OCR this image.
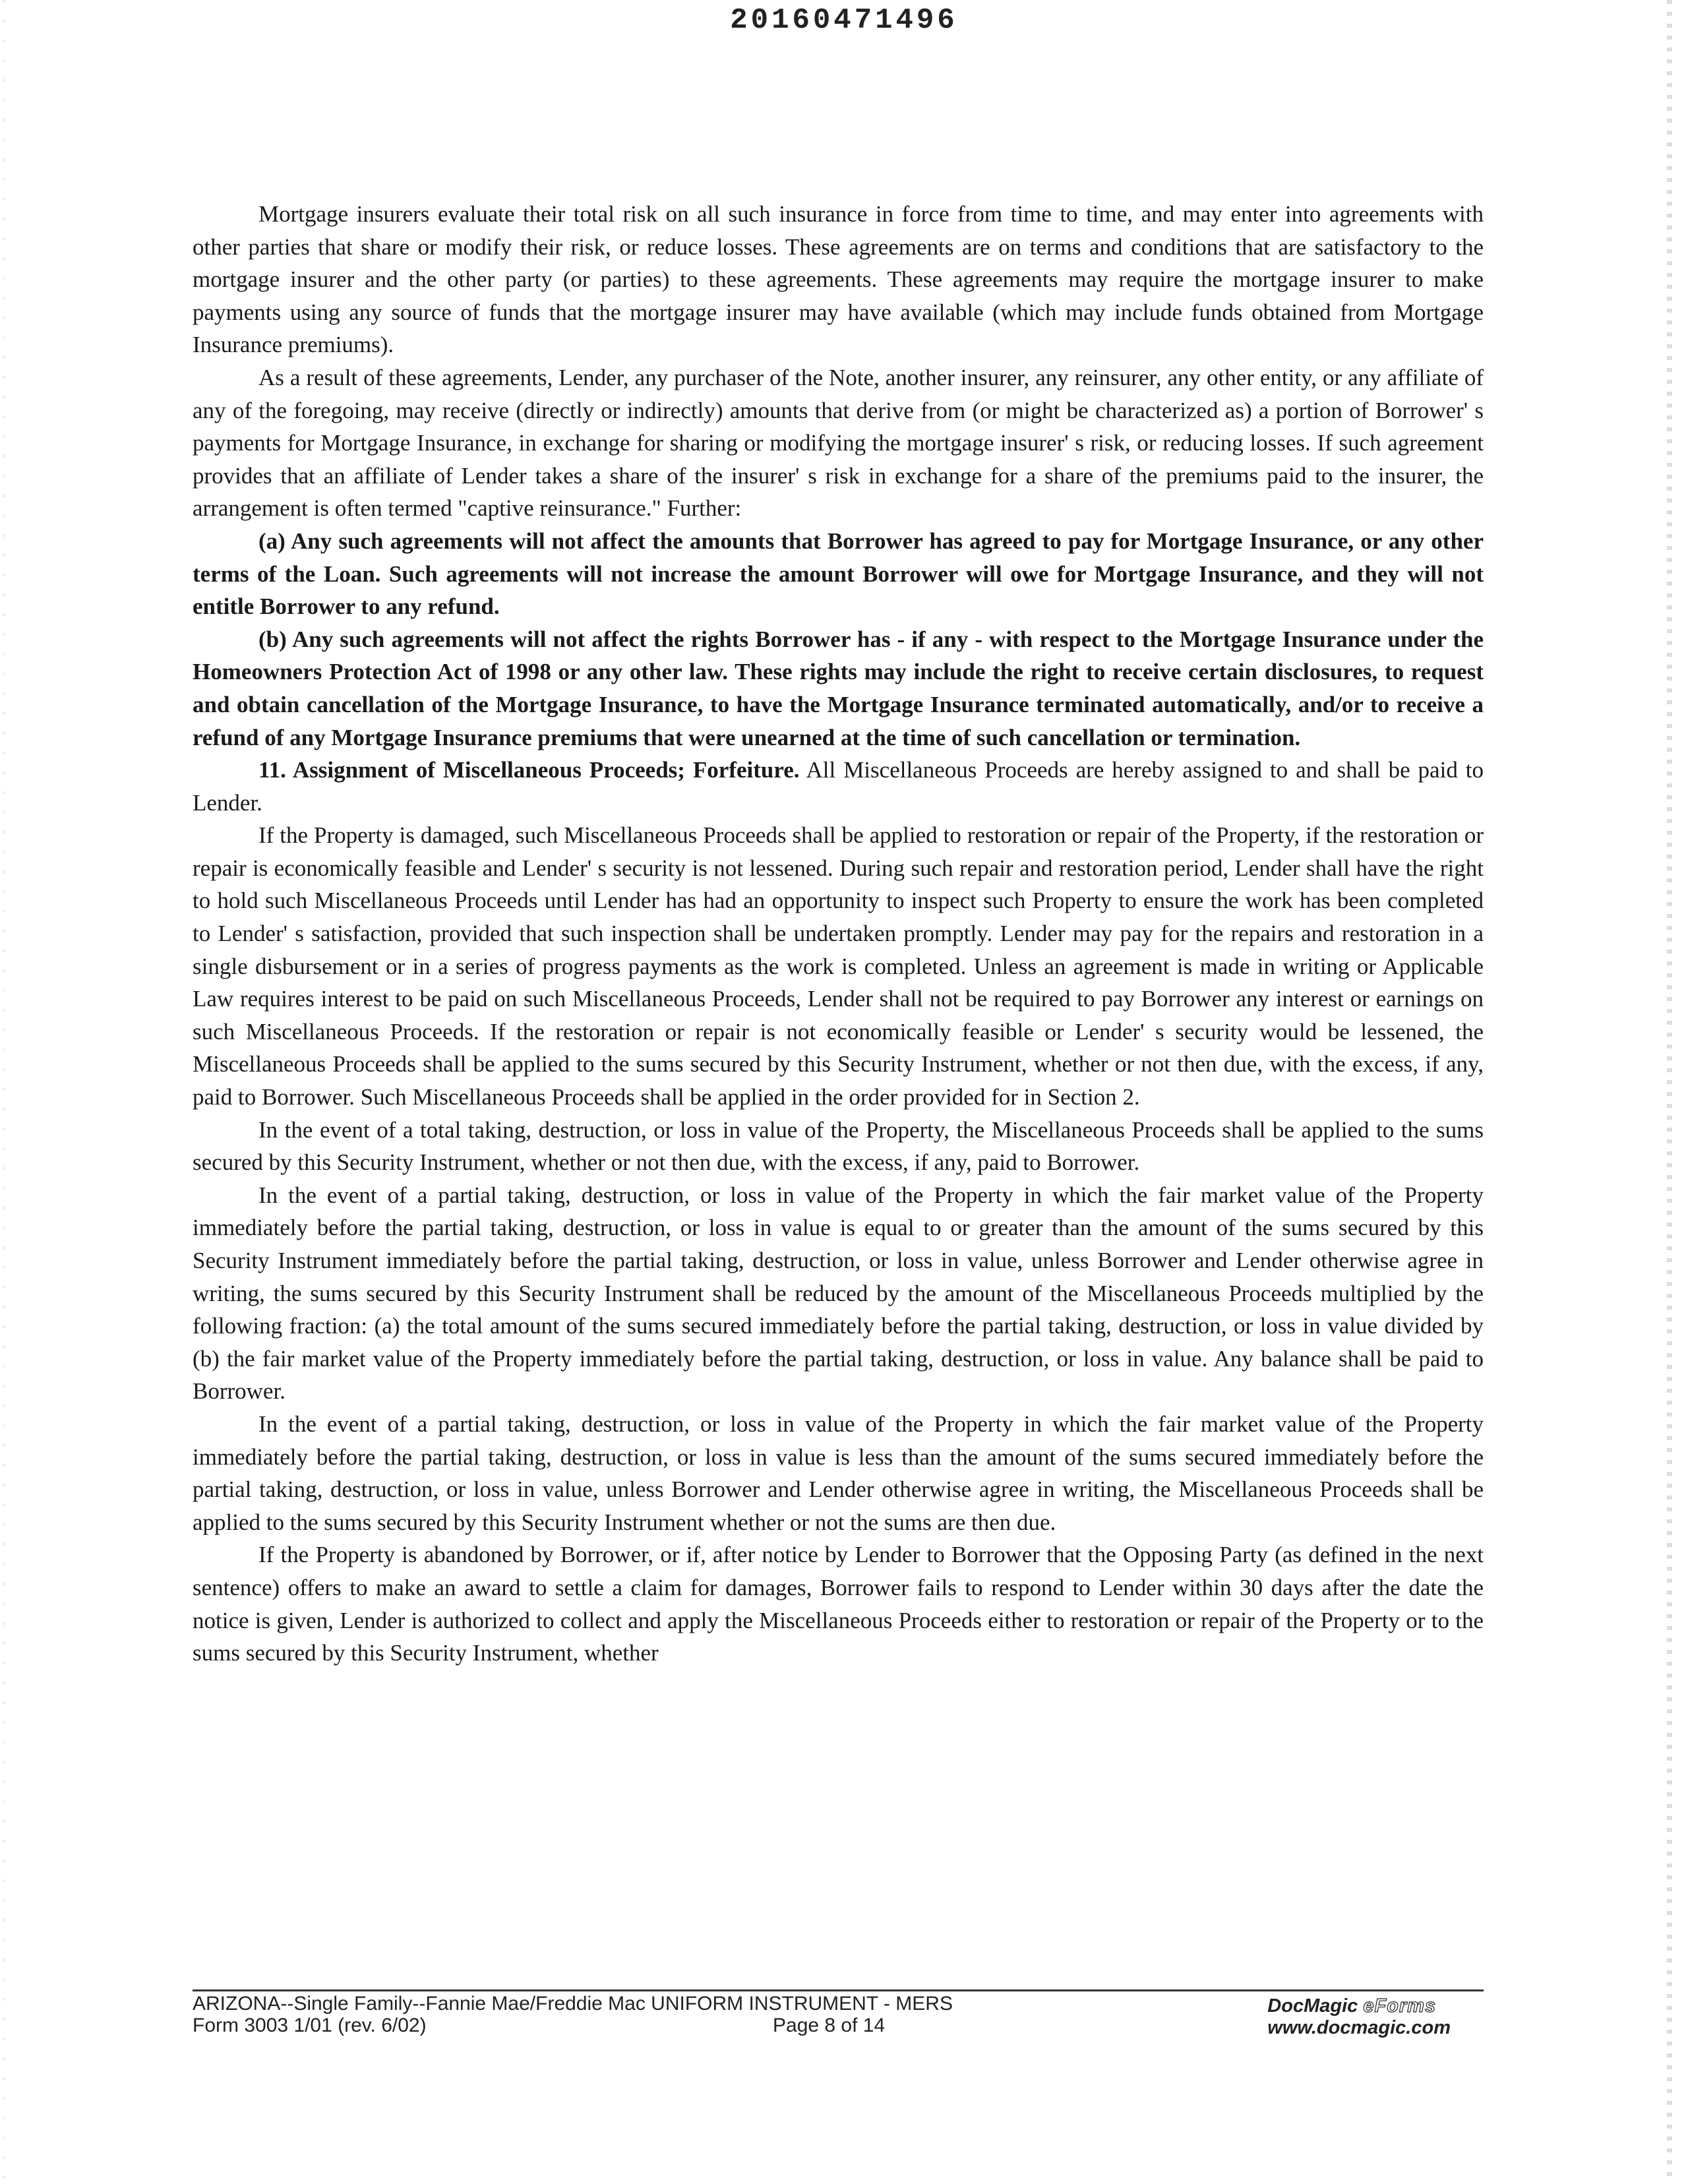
20160471496

Mortgage insurers evaluate their total risk on all such insurance in force from time to time, and may enter into agreements with other parties that share or modify their risk, or reduce losses. These agreements are on terms and conditions that are satisfactory to the mortgage insurer and the other party (or parties) to these agreements. These agreements may require the mortgage insurer to make payments using any source of funds that the mortgage insurer may have available (which may include funds obtained from Mortgage Insurance premiums).

As a result of these agreements, Lender, any purchaser of the Note, another insurer, any reinsurer, any other entity, or any affiliate of any of the foregoing, may receive (directly or indirectly) amounts that derive from (or might be characterized as) a portion of Borrower' s payments for Mortgage Insurance, in exchange for sharing or modifying the mortgage insurer' s risk, or reducing losses. If such agreement provides that an affiliate of Lender takes a share of the insurer' s risk in exchange for a share of the premiums paid to the insurer, the arrangement is often termed "captive reinsurance." Further:

(a) Any such agreements will not affect the amounts that Borrower has agreed to pay for Mortgage Insurance, or any other terms of the Loan. Such agreements will not increase the amount Borrower will owe for Mortgage Insurance, and they will not entitle Borrower to any refund.

(b) Any such agreements will not affect the rights Borrower has - if any - with respect to the Mortgage Insurance under the Homeowners Protection Act of 1998 or any other law. These rights may include the right to receive certain disclosures, to request and obtain cancellation of the Mortgage Insurance, to have the Mortgage Insurance terminated automatically, and/or to receive a refund of any Mortgage Insurance premiums that were unearned at the time of such cancellation or termination.

11. Assignment of Miscellaneous Proceeds; Forfeiture. All Miscellaneous Proceeds are hereby assigned to and shall be paid to Lender.

If the Property is damaged, such Miscellaneous Proceeds shall be applied to restoration or repair of the Property, if the restoration or repair is economically feasible and Lender' s security is not lessened. During such repair and restoration period, Lender shall have the right to hold such Miscellaneous Proceeds until Lender has had an opportunity to inspect such Property to ensure the work has been completed to Lender' s satisfaction, provided that such inspection shall be undertaken promptly. Lender may pay for the repairs and restoration in a single disbursement or in a series of progress payments as the work is completed. Unless an agreement is made in writing or Applicable Law requires interest to be paid on such Miscellaneous Proceeds, Lender shall not be required to pay Borrower any interest or earnings on such Miscellaneous Proceeds. If the restoration or repair is not economically feasible or Lender' s security would be lessened, the Miscellaneous Proceeds shall be applied to the sums secured by this Security Instrument, whether or not then due, with the excess, if any, paid to Borrower. Such Miscellaneous Proceeds shall be applied in the order provided for in Section 2.

In the event of a total taking, destruction, or loss in value of the Property, the Miscellaneous Proceeds shall be applied to the sums secured by this Security Instrument, whether or not then due, with the excess, if any, paid to Borrower.

In the event of a partial taking, destruction, or loss in value of the Property in which the fair market value of the Property immediately before the partial taking, destruction, or loss in value is equal to or greater than the amount of the sums secured by this Security Instrument immediately before the partial taking, destruction, or loss in value, unless Borrower and Lender otherwise agree in writing, the sums secured by this Security Instrument shall be reduced by the amount of the Miscellaneous Proceeds multiplied by the following fraction: (a) the total amount of the sums secured immediately before the partial taking, destruction, or loss in value divided by (b) the fair market value of the Property immediately before the partial taking, destruction, or loss in value. Any balance shall be paid to Borrower.

In the event of a partial taking, destruction, or loss in value of the Property in which the fair market value of the Property immediately before the partial taking, destruction, or loss in value is less than the amount of the sums secured immediately before the partial taking, destruction, or loss in value, unless Borrower and Lender otherwise agree in writing, the Miscellaneous Proceeds shall be applied to the sums secured by this Security Instrument whether or not the sums are then due.

If the Property is abandoned by Borrower, or if, after notice by Lender to Borrower that the Opposing Party (as defined in the next sentence) offers to make an award to settle a claim for damages, Borrower fails to respond to Lender within 30 days after the date the notice is given, Lender is authorized to collect and apply the Miscellaneous Proceeds either to restoration or repair of the Property or to the sums secured by this Security Instrument, whether

ARIZONA--Single Family--Fannie Mae/Freddie Mac UNIFORM INSTRUMENT - MERS
Form 3003 1/01 (rev. 6/02)	Page 8 of 14
DocMagic eForms
www.docmagic.com
